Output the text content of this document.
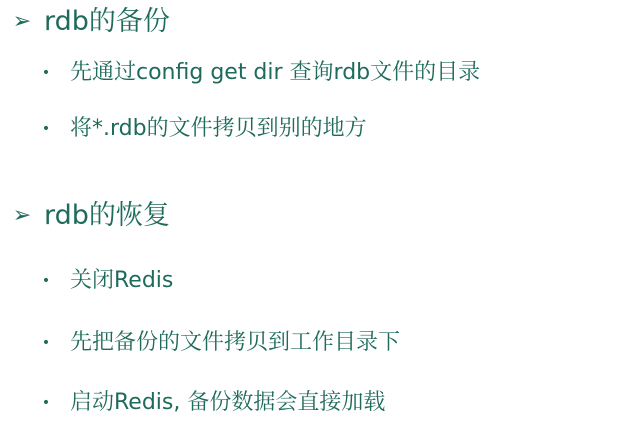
➢ rdb的备份
• 先通过config get dir 查询rdb文件的目录
• 将*.rdb的文件拷贝到别的地方
➢ rdb的恢复
• 关闭Redis
• 先把备份的文件拷贝到工作目录下
• 启动Redis, 备份数据会直接加载
